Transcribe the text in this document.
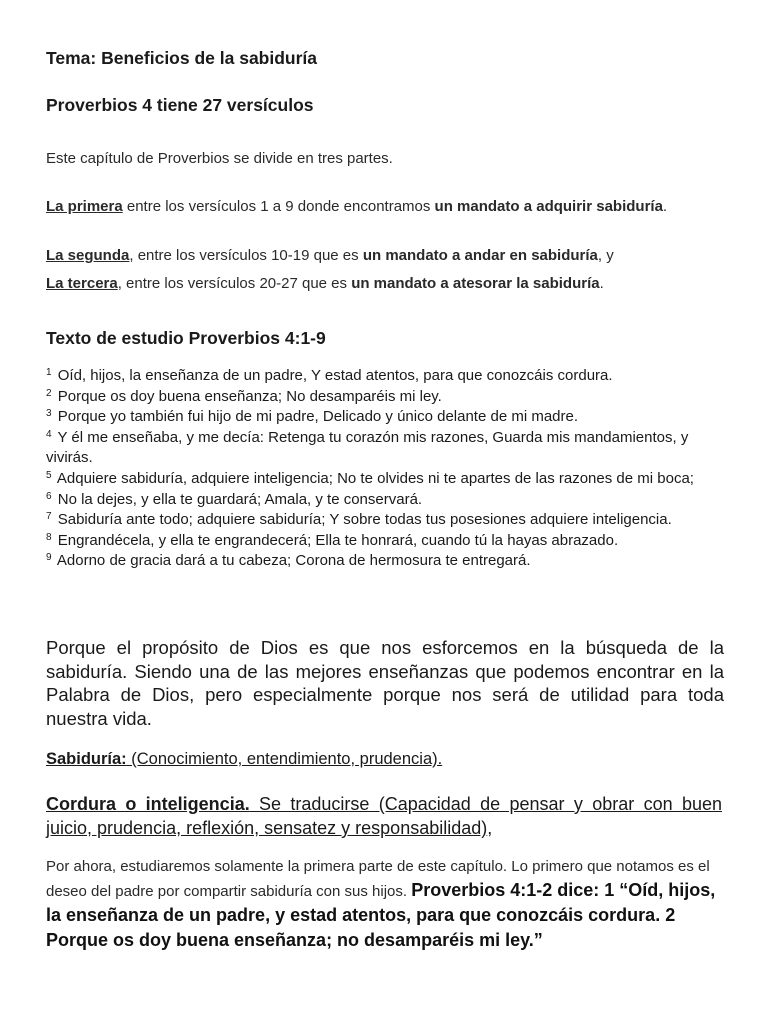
Tema: Beneficios de la sabiduría
Proverbios 4 tiene 27 versículos
Este capítulo de Proverbios se divide en tres partes.
La primera entre los versículos 1 a 9 donde encontramos un mandato a adquirir sabiduría.
La segunda, entre los versículos 10-19 que es un mandato a andar en sabiduría, y
La tercera, entre los versículos 20-27 que es un mandato a atesorar la sabiduría.
Texto de estudio Proverbios 4:1-9
$^1$ Oíd, hijos, la enseñanza de un padre, Y estad atentos, para que conozcáis cordura.
$^2$ Porque os doy buena enseñanza; No desamparéis mi ley.
$^3$ Porque yo también fui hijo de mi padre, Delicado y único delante de mi madre.
$^4$ Y él me enseñaba, y me decía: Retenga tu corazón mis razones, Guarda mis mandamientos, y vivirás.
$^5$ Adquiere sabiduría, adquiere inteligencia; No te olvides ni te apartes de las razones de mi boca;
$^6$ No la dejes, y ella te guardará; Amala, y te conservará.
$^7$ Sabiduría ante todo; adquiere sabiduría; Y sobre todas tus posesiones adquiere inteligencia.
$^8$ Engrandécela, y ella te engrandecerá; Ella te honrará, cuando tú la hayas abrazado.
$^9$ Adorno de gracia dará a tu cabeza; Corona de hermosura te entregará.
Porque el propósito de Dios es que nos esforcemos en la búsqueda de la sabiduría. Siendo una de las mejores enseñanzas que podemos encontrar en la Palabra de Dios, pero especialmente porque nos será de utilidad para toda nuestra vida.
Sabiduría: (Conocimiento, entendimiento, prudencia).
Cordura o inteligencia. Se traducirse (Capacidad de pensar y obrar con buen juicio, prudencia, reflexión, sensatez y responsabilidad),
Por ahora, estudiaremos solamente la primera parte de este capítulo. Lo primero que notamos es el deseo del padre por compartir sabiduría con sus hijos. Proverbios 4:1-2 dice: 1 “Oíd, hijos, la enseñanza de un padre, y estad atentos, para que conozcáis cordura. 2 Porque os doy buena enseñanza; no desamparéis mi ley.”
